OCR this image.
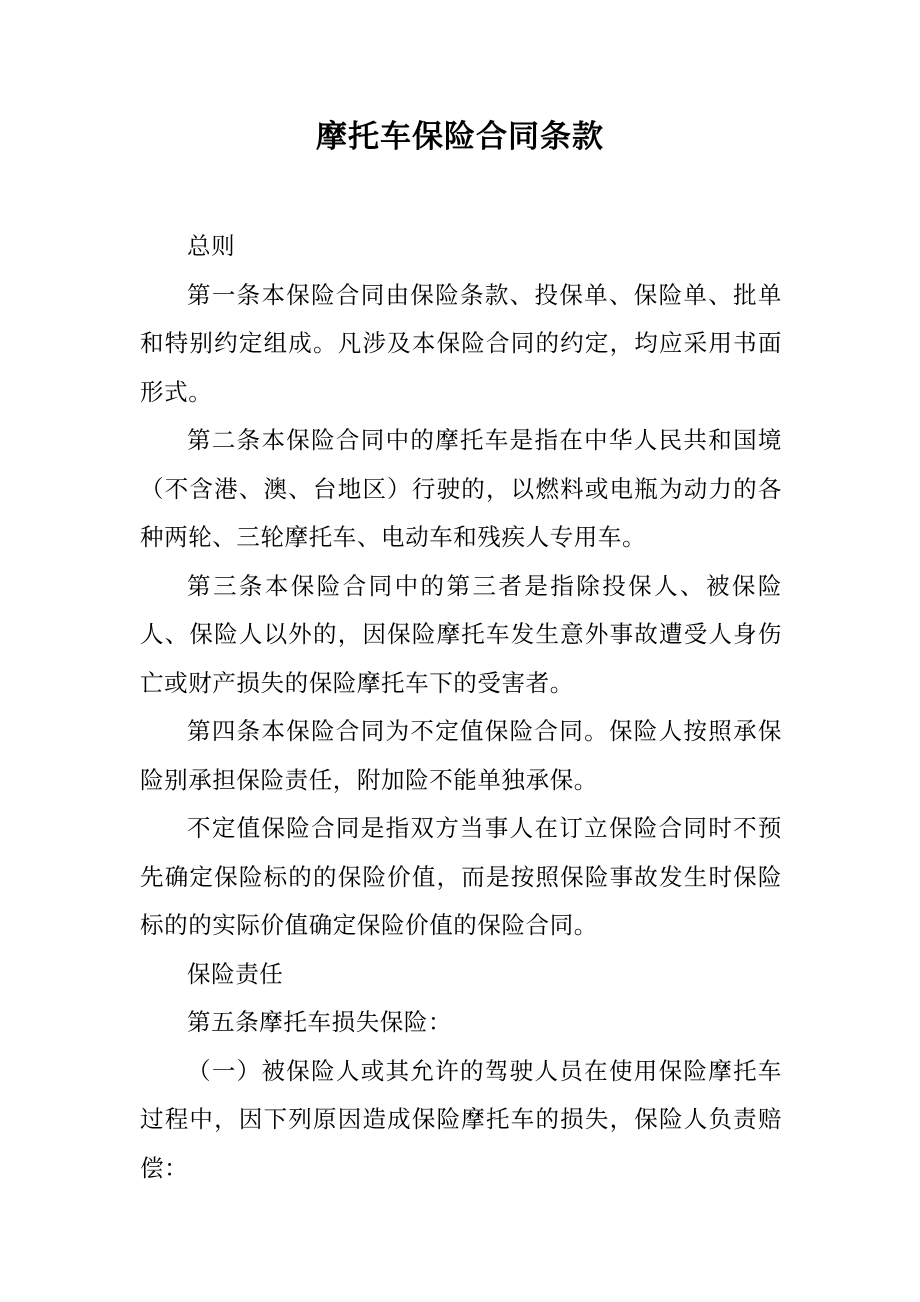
摩托车保险合同条款

总则

第一条本保险合同由保险条款、投保单、保险单、批单和特别约定组成。凡涉及本保险合同的约定，均应采用书面形式。

第二条本保险合同中的摩托车是指在中华人民共和国境（不含港、澳、台地区）行驶的，以燃料或电瓶为动力的各种两轮、三轮摩托车、电动车和残疾人专用车。

第三条本保险合同中的第三者是指除投保人、被保险人、保险人以外的，因保险摩托车发生意外事故遭受人身伤亡或财产损失的保险摩托车下的受害者。

第四条本保险合同为不定值保险合同。保险人按照承保险别承担保险责任，附加险不能单独承保。

不定值保险合同是指双方当事人在订立保险合同时不预先确定保险标的的保险价值，而是按照保险事故发生时保险标的的实际价值确定保险价值的保险合同。

保险责任

第五条摩托车损失保险：

（一）被保险人或其允许的驾驶人员在使用保险摩托车过程中，因下列原因造成保险摩托车的损失，保险人负责赔偿：
